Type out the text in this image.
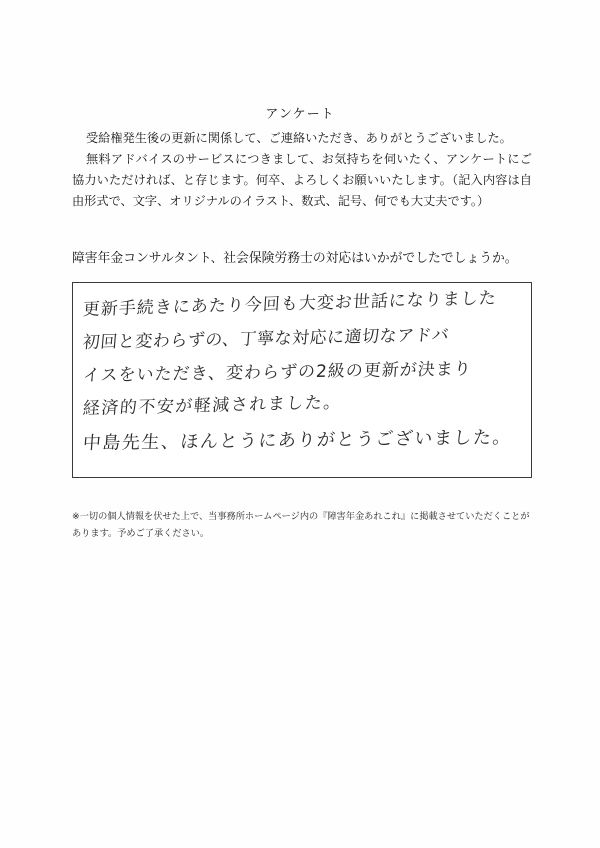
アンケート

受給権発生後の更新に関係して、ご連絡いただき、ありがとうございました。

無料アドバイスのサービスにつきまして、お気持ちを伺いたく、アンケートにご協力いただければ、と存じます。何卒、よろしくお願いいたします。（記入内容は自由形式で、文字、オリジナルのイラスト、数式、記号、何でも大丈夫です。）

障害年金コンサルタント、社会保険労務士の対応はいかがでしたでしょうか。
更新手続きにあたり今回も大変お世話になりました
初回と変わらずの、丁寧な対応に適切なアドバ
イスをいただき、変わらずの2級の更新が決まり
経済的不安が軽減されました。
中島先生、ほんとうにありがとうございました。

※一切の個人情報を伏せた上で、当事務所ホームページ内の『障害年金あれこれ』に掲載させていただくことがあります。予めご了承ください。
